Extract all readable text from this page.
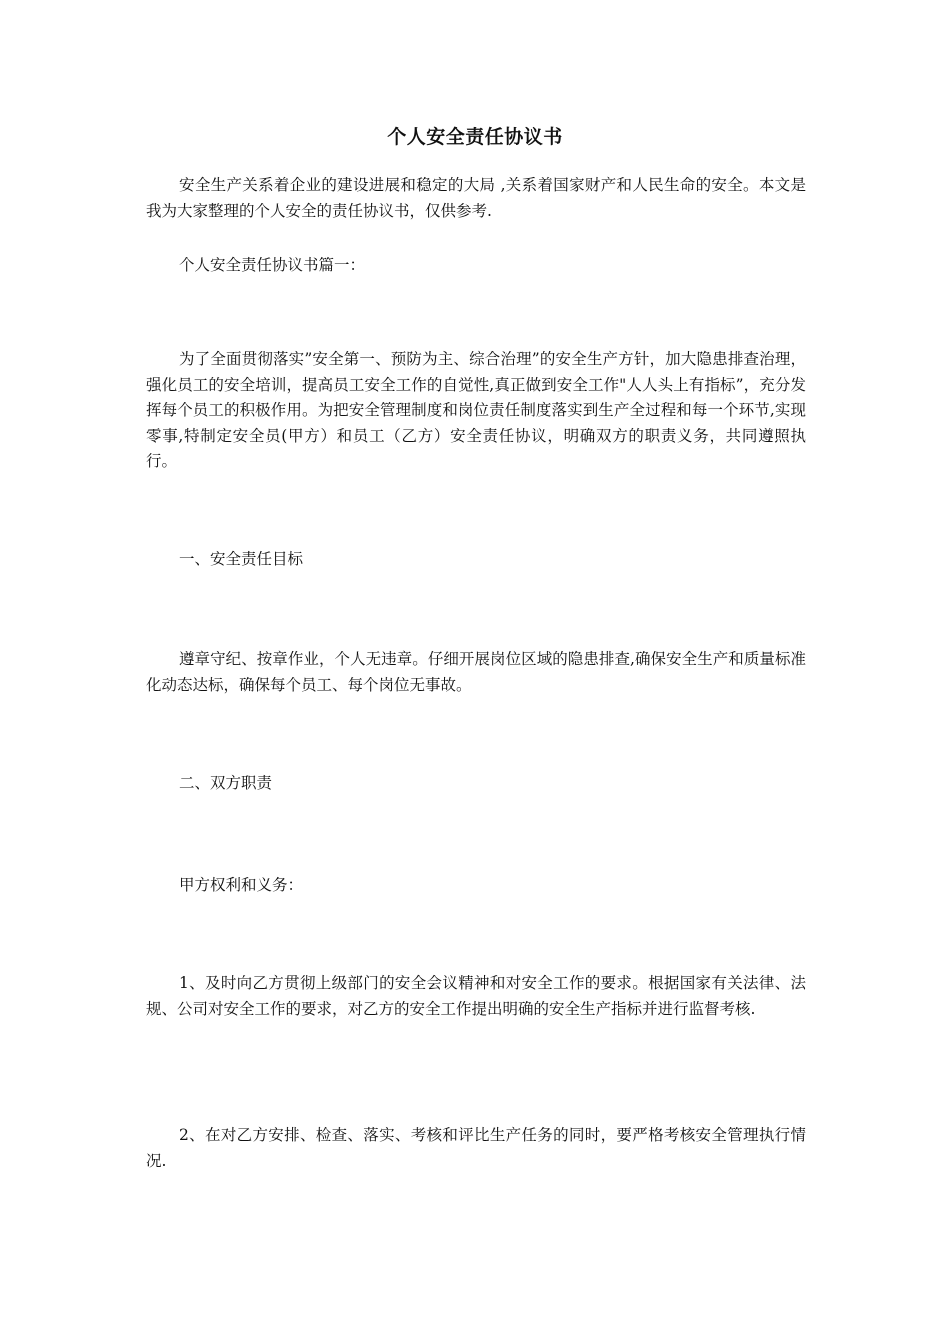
个人安全责任协议书

安全生产关系着企业的建设进展和稳定的大局 ,关系着国家财产和人民生命的安全。本文是我为大家整理的个人安全的责任协议书，仅供参考.

个人安全责任协议书篇一：

为了全面贯彻落实”安全第一、预防为主、综合治理”的安全生产方针，加大隐患排查治理，强化员工的安全培训，提高员工安全工作的自觉性,真正做到安全工作"人人头上有指标”，充分发挥每个员工的积极作用。为把安全管理制度和岗位责任制度落实到生产全过程和每一个环节,实现零事,特制定安全员(甲方）和员工（乙方）安全责任协议，明确双方的职责义务，共同遵照执行。

一、安全责任目标

遵章守纪、按章作业，个人无违章。仔细开展岗位区域的隐患排查,确保安全生产和质量标准化动态达标，确保每个员工、每个岗位无事故。

二、双方职责

甲方权利和义务：

1、及时向乙方贯彻上级部门的安全会议精神和对安全工作的要求。根据国家有关法律、法规、公司对安全工作的要求，对乙方的安全工作提出明确的安全生产指标并进行监督考核.

2、在对乙方安排、检查、落实、考核和评比生产任务的同时，要严格考核安全管理执行情况.
